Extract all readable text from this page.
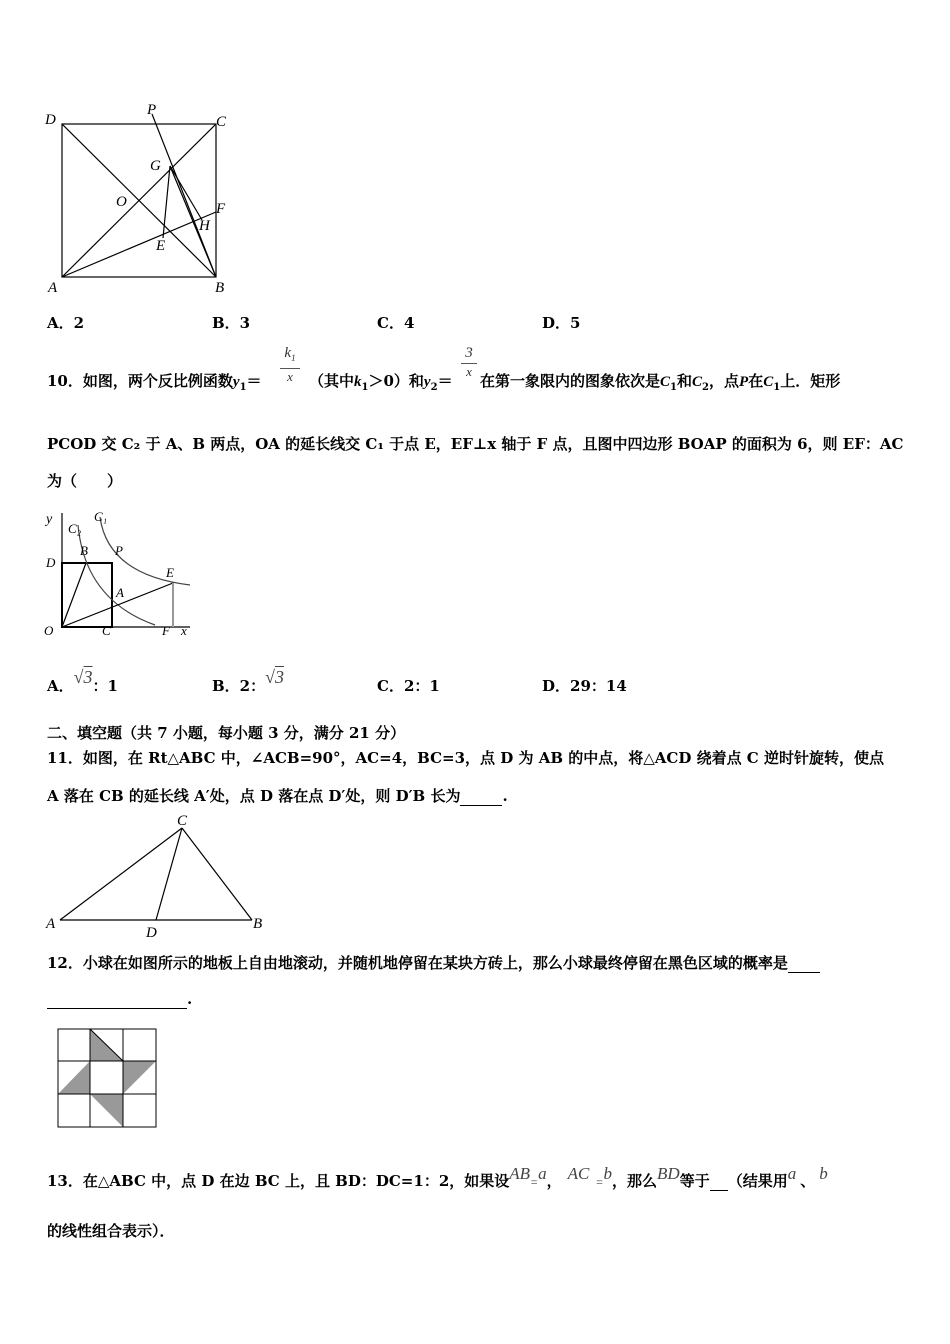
D
P
C
G
O	F
H
E
A	B
A．2	B．3	C．4	D．5
10．如图，两个反比例函数$y_1=$
$k_1$
x	（其中$k_1>0$）和$y_2=$
3
x
在第一象限内的图象依次是$C_1$和$C_2$，点P在$C_1$上．矩形
PCOD 交 C₂ 于 A、B 两点，OA 的延长线交 C₁ 于点 E，EF⊥x 轴于 F 点，且图中四边形 BOAP 的面积为 6，则 EF：AC
为（　　）
y
C₂
C₁
B P
D
E
A
O	C	F x
A．√3：1	B．2：√3	C．2：1	D．29：14
二、填空题（共 7 小题，每小题 3 分，满分 21 分）
11．如图，在 Rt△ABC 中，∠ACB=90°，AC=4，BC=3，点 D 为 AB 的中点，将△ACD 绕着点 C 逆时针旋转，使点
A 落在 CB 的延长线 A′处，点 D 落在点 D′处，则 D′B 长为	.
C
A
D
B
12．小球在如图所示的地板上自由地滚动，并随机地停留在某块方砖上，那么小球最终停留在黑色区域的概率是
.
13．在△ABC 中，点 D 在边 BC 上，且 BD：DC=1：2，如果设AB=a， AC =b，那么BD等于 （结果用a 、 b
的线性组合表示）．
